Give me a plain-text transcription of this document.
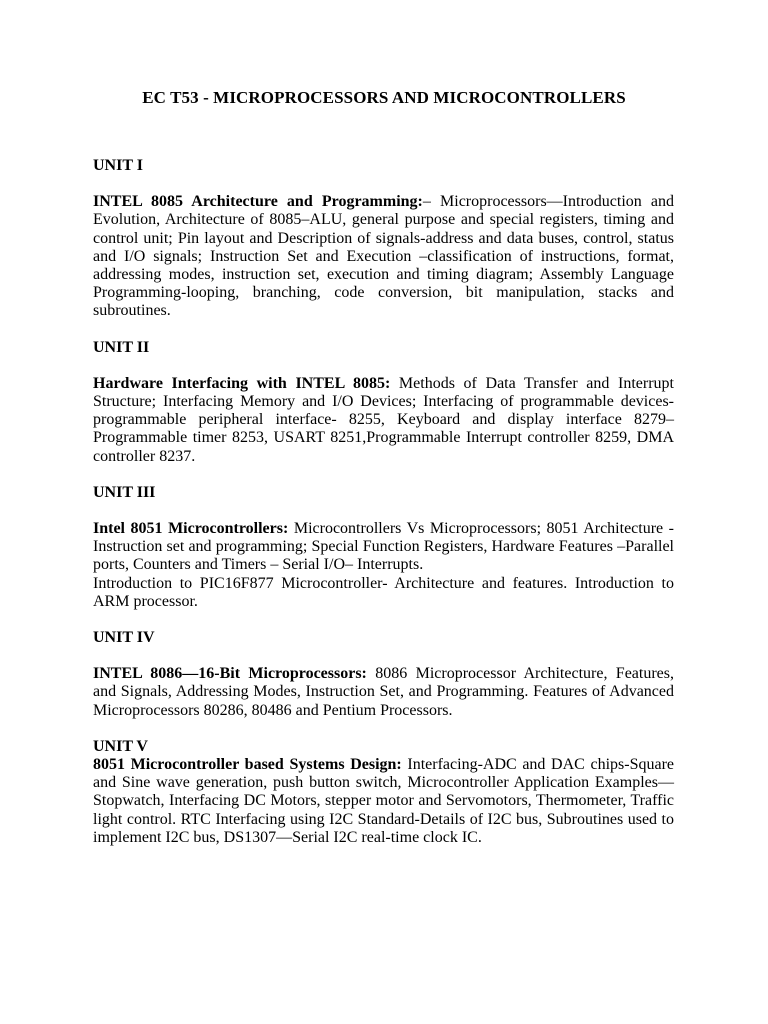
EC T53 - MICROPROCESSORS AND MICROCONTROLLERS
UNIT I

INTEL 8085 Architecture and Programming:– Microprocessors—Introduction and Evolution, Architecture of 8085–ALU, general purpose and special registers, timing and control unit; Pin layout and Description of signals-address and data buses, control, status and I/O signals; Instruction Set and Execution –classification of instructions, format, addressing modes, instruction set, execution and timing diagram; Assembly Language Programming-looping, branching, code conversion, bit manipulation, stacks and subroutines.

UNIT II

Hardware Interfacing with INTEL 8085: Methods of Data Transfer and Interrupt Structure; Interfacing Memory and I/O Devices; Interfacing of programmable devices-programmable peripheral interface- 8255, Keyboard and display interface 8279–Programmable timer 8253, USART 8251,Programmable Interrupt controller 8259, DMA controller 8237.

UNIT III

Intel 8051 Microcontrollers: Microcontrollers Vs Microprocessors; 8051 Architecture -Instruction set and programming; Special Function Registers, Hardware Features –Parallel ports, Counters and Timers – Serial I/O– Interrupts.

Introduction to PIC16F877 Microcontroller- Architecture and features. Introduction to ARM processor.

UNIT IV

INTEL 8086—16-Bit Microprocessors: 8086 Microprocessor Architecture, Features, and Signals, Addressing Modes, Instruction Set, and Programming. Features of Advanced Microprocessors 80286, 80486 and Pentium Processors.

UNIT V

8051 Microcontroller based Systems Design: Interfacing-ADC and DAC chips-Square and Sine wave generation, push button switch, Microcontroller Application Examples—Stopwatch, Interfacing DC Motors, stepper motor and Servomotors, Thermometer, Traffic light control. RTC Interfacing using I2C Standard-Details of I2C bus, Subroutines used to implement I2C bus, DS1307—Serial I2C real-time clock IC.
